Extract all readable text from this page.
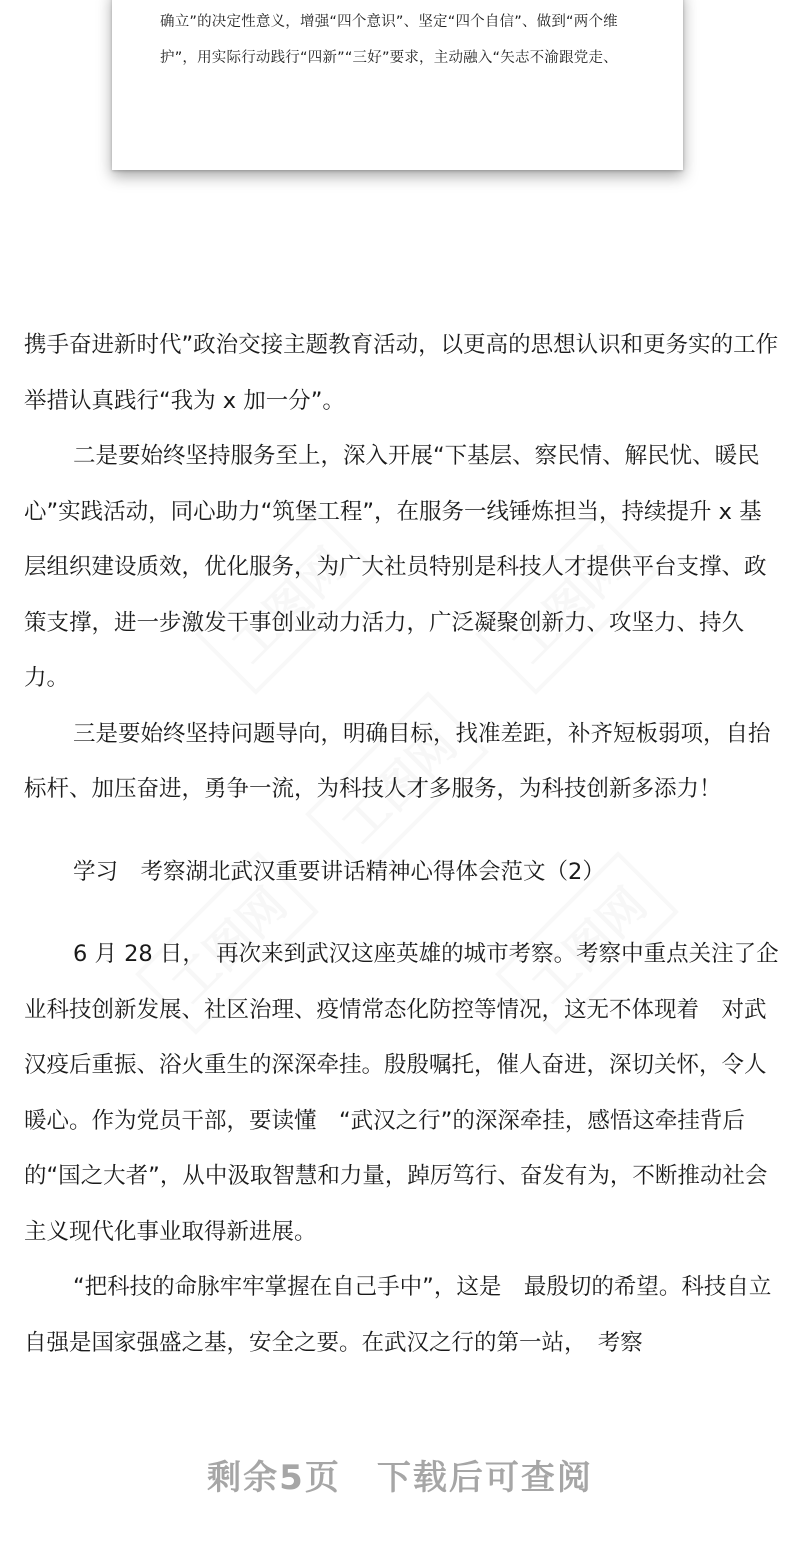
确立”的决定性意义，增强“四个意识”、坚定“四个自信”、做到“两个维
护”，用实际行动践行“四新”“三好”要求，主动融入“矢志不渝跟党走、
工图网	工图网
工图网
工图网	工图网

携手奋进新时代”政治交接主题教育活动，以更高的思想认识和更务实的工作举措认真践行“我为 x 加一分”。

二是要始终坚持服务至上，深入开展“下基层、察民情、解民忧、暖民心”实践活动，同心助力“筑堡工程”，在服务一线锤炼担当，持续提升 x 基层组织建设质效，优化服务，为广大社员特别是科技人才提供平台支撑、政策支撑，进一步激发干事创业动力活力，广泛凝聚创新力、攻坚力、持久力。

三是要始终坚持问题导向，明确目标，找准差距，补齐短板弱项，自抬标杆、加压奋进，勇争一流，为科技人才多服务，为科技创新多添力！

学习　考察湖北武汉重要讲话精神心得体会范文（2）

6 月 28 日，　再次来到武汉这座英雄的城市考察。考察中重点关注了企业科技创新发展、社区治理、疫情常态化防控等情况，这无不体现着　对武汉疫后重振、浴火重生的深深牵挂。殷殷嘱托，催人奋进，深切关怀，令人暖心。作为党员干部，要读懂　“武汉之行”的深深牵挂，感悟这牵挂背后的“国之大者”，从中汲取智慧和力量，踔厉笃行、奋发有为，不断推动社会主义现代化事业取得新进展。

“把科技的命脉牢牢掌握在自己手中”，这是　最殷切的希望。科技自立自强是国家强盛之基，安全之要。在武汉之行的第一站，　考察

剩余5页　下载后可查阅
